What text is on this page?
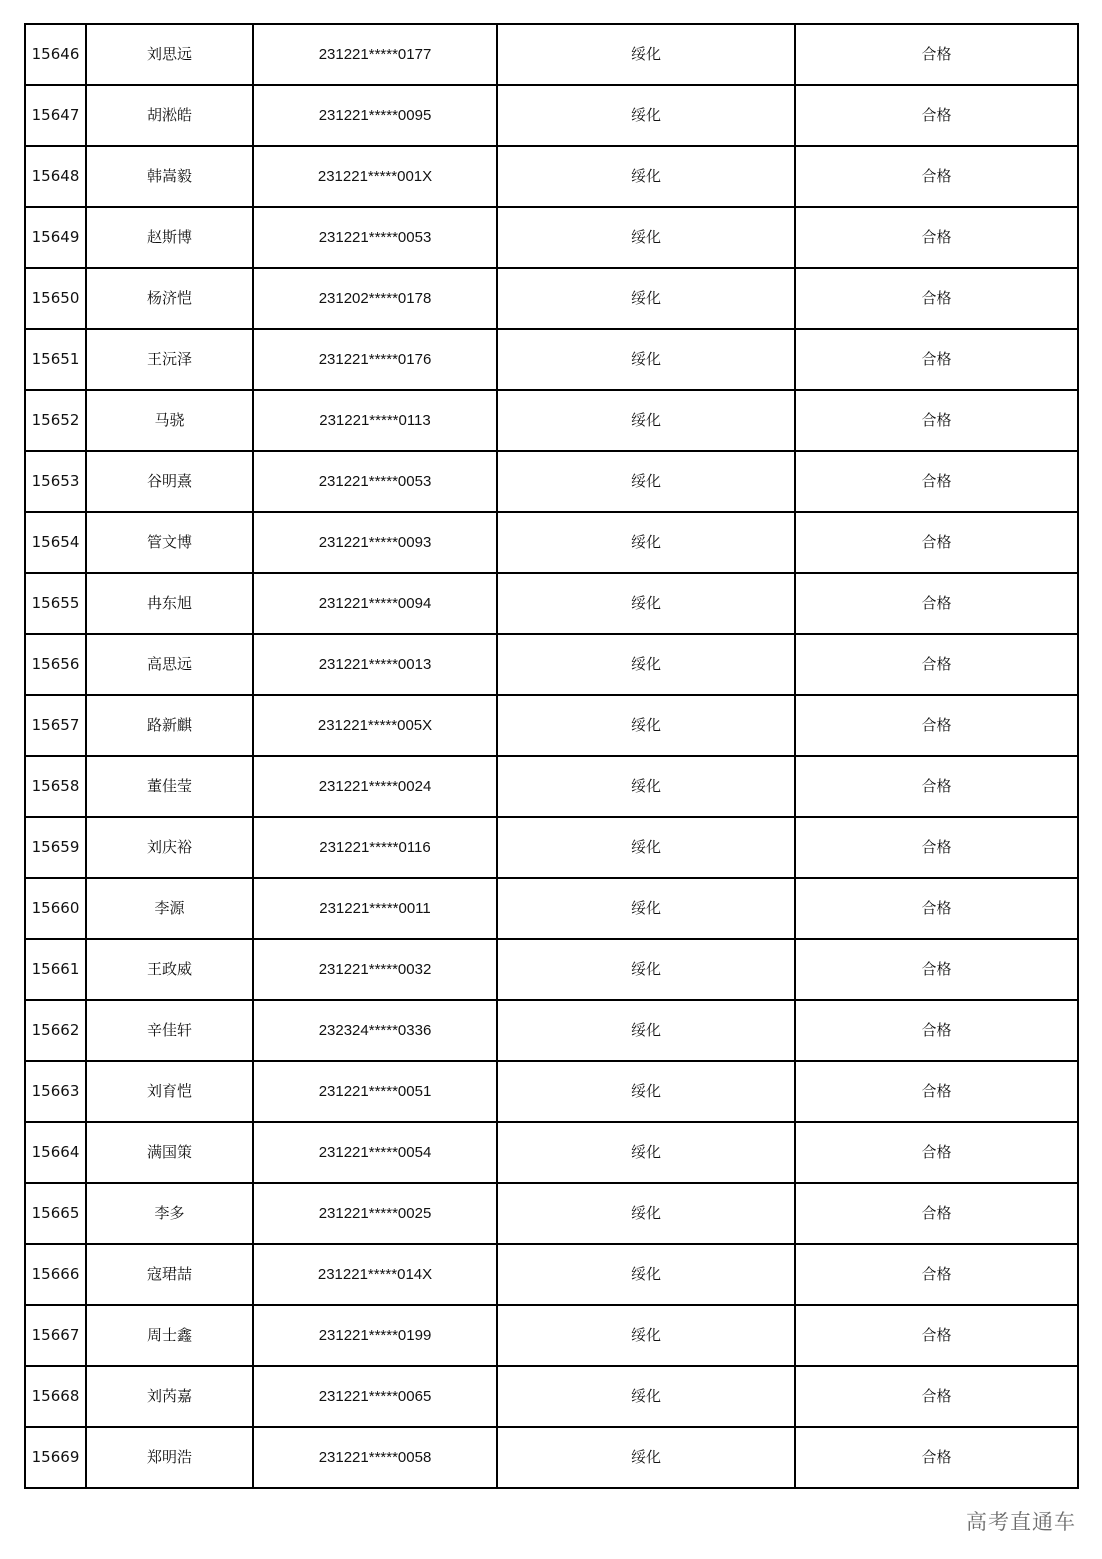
15646	刘思远	231221*****0177	绥化	合格
15647	胡淞皓	231221*****0095	绥化	合格
15648	韩嵩毅	231221*****001X	绥化	合格
15649	赵斯博	231221*****0053	绥化	合格
15650	杨济恺	231202*****0178	绥化	合格
15651	王沅泽	231221*****0176	绥化	合格
15652	马骁	231221*****0113	绥化	合格
15653	谷明熹	231221*****0053	绥化	合格
15654	管文博	231221*****0093	绥化	合格
15655	冉东旭	231221*****0094	绥化	合格
15656	高思远	231221*****0013	绥化	合格
15657	路新麒	231221*****005X	绥化	合格
15658	董佳莹	231221*****0024	绥化	合格
15659	刘庆裕	231221*****0116	绥化	合格
15660	李源	231221*****0011	绥化	合格
15661	王政威	231221*****0032	绥化	合格
15662	辛佳轩	232324*****0336	绥化	合格
15663	刘育恺	231221*****0051	绥化	合格
15664	满国策	231221*****0054	绥化	合格
15665	李多	231221*****0025	绥化	合格
15666	寇珺喆	231221*****014X	绥化	合格
15667	周士鑫	231221*****0199	绥化	合格
15668	刘芮嘉	231221*****0065	绥化	合格
15669	郑明浩	231221*****0058	绥化	合格
高考直通车
